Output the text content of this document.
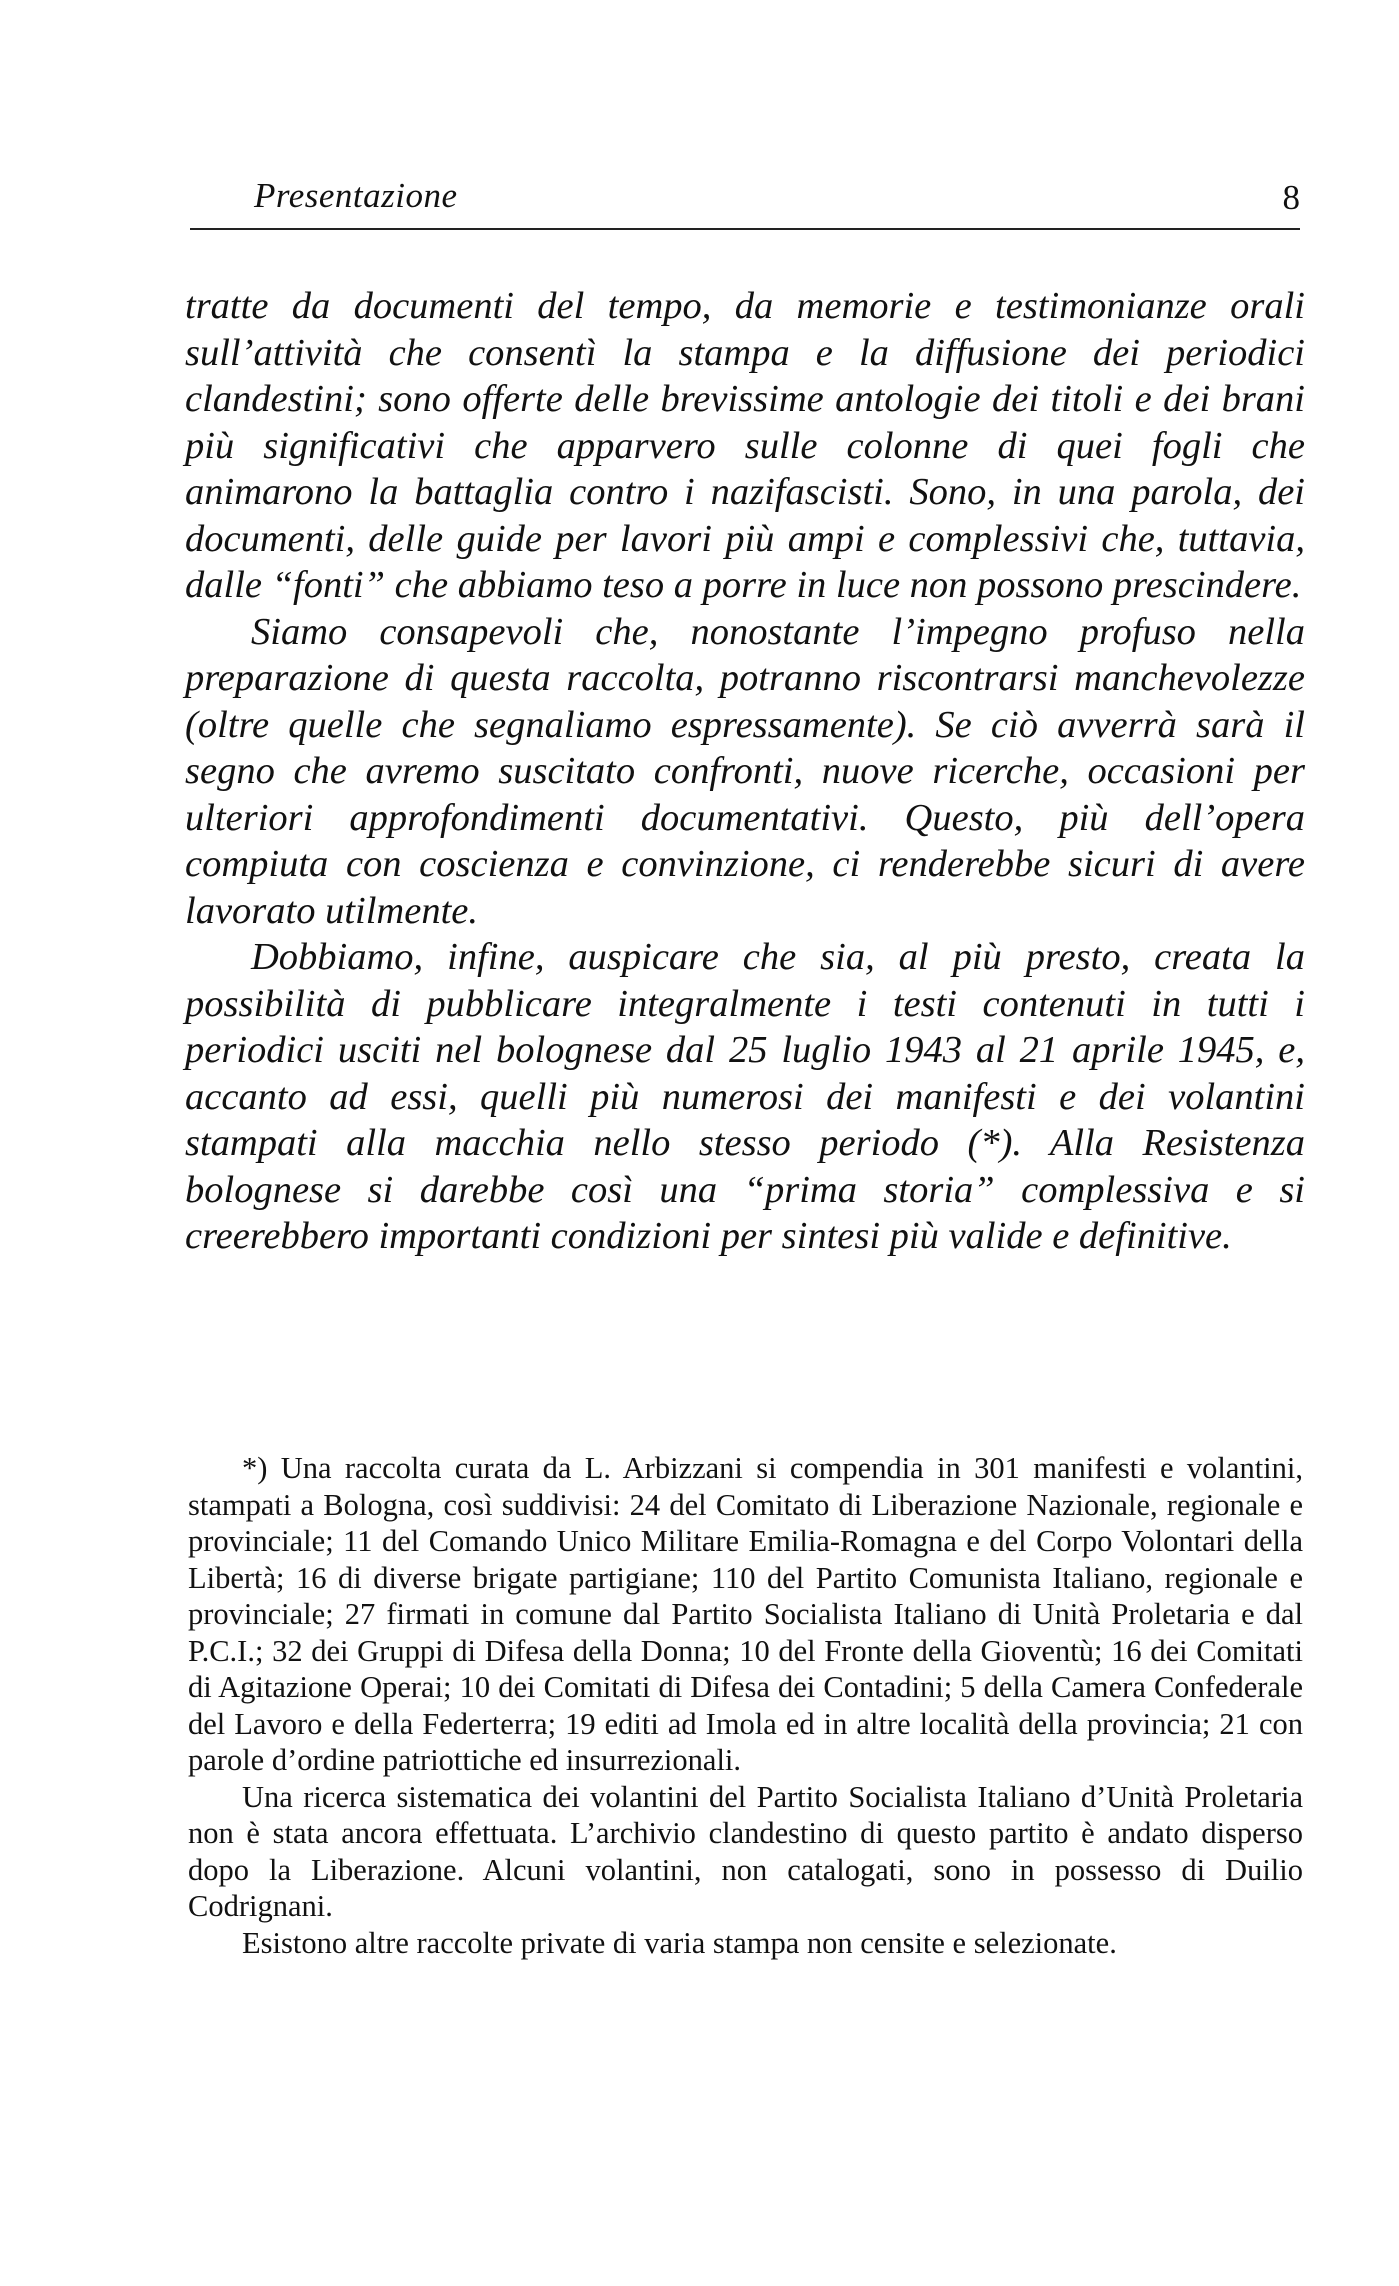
Presentazione	8

tratte da documenti del tempo, da memorie e testimonianze orali sull’attività che consentì la stampa e la diffusione dei periodici clandestini; sono offerte delle brevissime antologie dei titoli e dei brani più significativi che apparvero sulle colonne di quei fogli che animarono la battaglia contro i nazifascisti. Sono, in una parola, dei documenti, delle guide per lavori più ampi e complessivi che, tuttavia, dalle “fonti” che abbiamo teso a porre in luce non possono prescindere.

Siamo consapevoli che, nonostante l’impegno profuso nella preparazione di questa raccolta, potranno riscontrarsi manchevolezze (oltre quelle che segnaliamo espressamente). Se ciò avverrà sarà il segno che avremo suscitato confronti, nuove ricerche, occasioni per ulteriori approfondimenti documentativi. Questo, più dell’opera compiuta con coscienza e convinzione, ci renderebbe sicuri di avere lavorato utilmente.

Dobbiamo, infine, auspicare che sia, al più presto, creata la possibilità di pubblicare integralmente i testi contenuti in tutti i periodici usciti nel bolognese dal 25 luglio 1943 al 21 aprile 1945, e, accanto ad essi, quelli più numerosi dei manifesti e dei volantini stampati alla macchia nello stesso periodo (*). Alla Resistenza bolognese si darebbe così una “prima storia” complessiva e si creerebbero importanti condizioni per sintesi più valide e definitive.

*) Una raccolta curata da L. Arbizzani si compendia in 301 manifesti e volantini, stampati a Bologna, così suddivisi: 24 del Comitato di Liberazione Nazionale, regionale e provinciale; 11 del Comando Unico Militare Emilia-Romagna e del Corpo Volontari della Libertà; 16 di diverse brigate partigiane; 110 del Partito Comunista Italiano, regionale e provinciale; 27 firmati in comune dal Partito Socialista Italiano di Unità Proletaria e dal P.C.I.; 32 dei Gruppi di Difesa della Donna; 10 del Fronte della Gioventù; 16 dei Comitati di Agitazione Operai; 10 dei Comitati di Difesa dei Contadini; 5 della Camera Confederale del Lavoro e della Federterra; 19 editi ad Imola ed in altre località della provincia; 21 con parole d’ordine patriottiche ed insurrezionali.

Una ricerca sistematica dei volantini del Partito Socialista Italiano d’Unità Proletaria non è stata ancora effettuata. L’archivio clandestino di questo partito è andato disperso dopo la Liberazione. Alcuni volantini, non catalogati, sono in possesso di Duilio Codrignani.

Esistono altre raccolte private di varia stampa non censite e selezionate.
